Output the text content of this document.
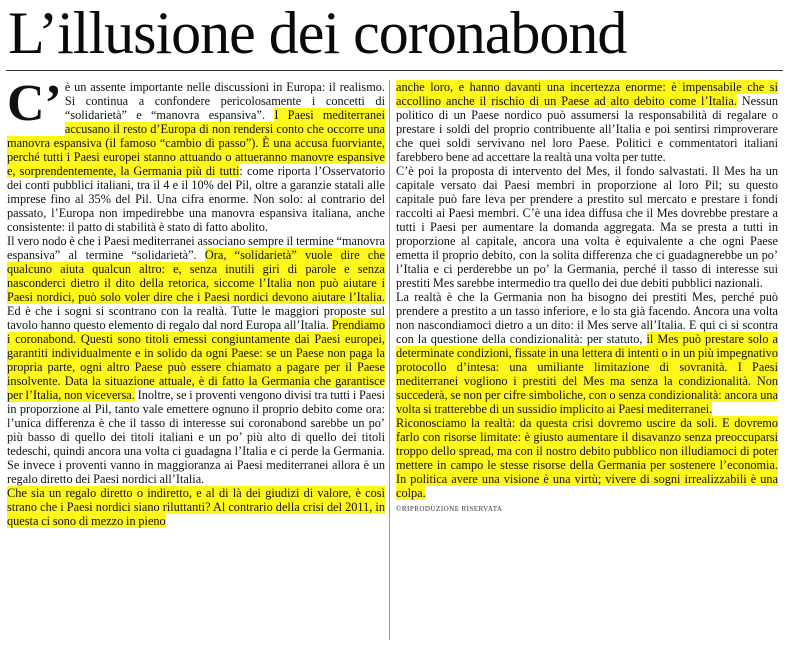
L’illusione dei coronabond

C’ è un assente importante nelle discussioni in Europa: il realismo. Si continua a confondere pericolosamente i concetti di “solidarietà” e “manovra espansiva”. I Paesi mediterranei accusano il resto d’Europa di non rendersi conto che occorre una manovra espansiva (il famoso “cambio di passo”). È una accusa fuorviante, perché tutti i Paesi europei stanno attuando o attueranno manovre espansive e, sorprendentemente, la Germania più di tutti: come riporta l’Osservatorio dei conti pubblici italiani, tra il 4 e il 10% del Pil, oltre a garanzie statali alle imprese fino al 35% del Pil. Una cifra enorme. Non solo: al contrario del passato, l’Europa non impedirebbe una manovra espansiva italiana, anche consistente: il patto di stabilità è stato di fatto abolito.

Il vero nodo è che i Paesi mediterranei associano sempre il termine “manovra espansiva” al termine “solidarietà”. Ora, “solidarietà” vuole dire che qualcuno aiuta qualcun altro: e, senza inutili giri di parole e senza nasconderci dietro il dito della retorica, siccome l’Italia non può aiutare i Paesi nordici, può solo voler dire che i Paesi nordici devono aiutare l’Italia. Ed è che i sogni si scontrano con la realtà. Tutte le maggiori proposte sul tavolo hanno questo elemento di regalo dal nord Europa all’Italia. Prendiamo i coronabond. Questi sono titoli emessi congiuntamente dai Paesi europei, garantiti individualmente e in solido da ogni Paese: se un Paese non paga la propria parte, ogni altro Paese può essere chiamato a pagare per il Paese insolvente. Data la situazione attuale, è di fatto la Germania che garantisce per l’Italia, non viceversa. Inoltre, se i proventi vengono divisi tra tutti i Paesi in proporzione al Pil, tanto vale emettere ognuno il proprio debito come ora: l’unica differenza è che il tasso di interesse sui coronabond sarebbe un po’ più basso di quello dei titoli italiani e un po’ più alto di quello dei titoli tedeschi, quindi ancora una volta ci guadagna l’Italia e ci perde la Germania. Se invece i proventi vanno in maggioranza ai Paesi mediterranei allora è un regalo diretto dei Paesi nordici all’Italia.

Che sia un regalo diretto o indiretto, e al di là dei giudizi di valore, è così strano che i Paesi nordici siano riluttanti? Al contrario della crisi del 2011, in questa ci sono di mezzo in pieno

anche loro, e hanno davanti una incertezza enorme: è impensabile che si accollino anche il rischio di un Paese ad alto debito come l’Italia. Nessun politico di un Paese nordico può assumersi la responsabilità di regalare o prestare i soldi del proprio contribuente all’Italia e poi sentirsi rimproverare che quei soldi servivano nel loro Paese. Politici e commentatori italiani farebbero bene ad accettare la realtà una volta per tutte.

C’è poi la proposta di intervento del Mes, il fondo salvastati. Il Mes ha un capitale versato dai Paesi membri in proporzione al loro Pil; su questo capitale può fare leva per prendere a prestito sul mercato e prestare i fondi raccolti ai Paesi membri. C’è una idea diffusa che il Mes dovrebbe prestare a tutti i Paesi per aumentare la domanda aggregata. Ma se presta a tutti in proporzione al capitale, ancora una volta è equivalente a che ogni Paese emetta il proprio debito, con la solita differenza che ci guadagnerebbe un po’ l’Italia e ci perderebbe un po’ la Germania, perché il tasso di interesse sui prestiti Mes sarebbe intermedio tra quello dei due debiti pubblici nazionali.

La realtà è che la Germania non ha bisogno dei prestiti Mes, perché può prendere a prestito a un tasso inferiore, e lo sta già facendo. Ancora una volta non nascondiamoci dietro a un dito: il Mes serve all’Italia. E qui ci si scontra con la questione della condizionalità: per statuto, il Mes può prestare solo a determinate condizioni, fissate in una lettera di intenti o in un più impegnativo protocollo d’intesa: una umiliante limitazione di sovranità. I Paesi mediterranei vogliono i prestiti del Mes ma senza la condizionalità. Non succederà, se non per cifre simboliche, con o senza condizionalità: ancora una volta si tratterebbe di un sussidio implicito ai Paesi mediterranei.

Riconosciamo la realtà: da questa crisi dovremo uscire da soli. E dovremo farlo con risorse limitate: è giusto aumentare il disavanzo senza preoccuparsi troppo dello spread, ma con il nostro debito pubblico non illudiamoci di poter mettere in campo le stesse risorse della Germania per sostenere l’economia. In politica avere una visione è una virtù; vivere di sogni irrealizzabili è una colpa.

©RIPRODUZIONE RISERVATA
